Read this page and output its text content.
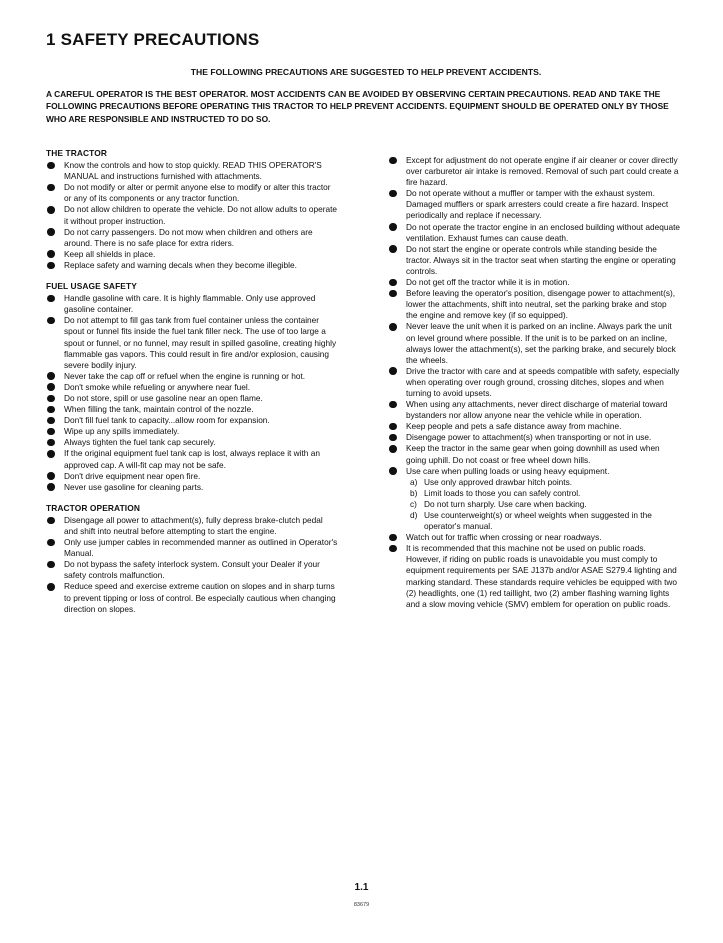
1 SAFETY PRECAUTIONS

THE FOLLOWING PRECAUTIONS ARE SUGGESTED TO HELP PREVENT ACCIDENTS.

A CAREFUL OPERATOR IS THE BEST OPERATOR. MOST ACCIDENTS CAN BE AVOIDED BY OBSERVING CERTAIN PRECAUTIONS. READ AND TAKE THE FOLLOWING PRECAUTIONS BEFORE OPERATING THIS TRACTOR TO HELP PREVENT ACCIDENTS. EQUIPMENT SHOULD BE OPERATED ONLY BY THOSE WHO ARE RESPONSIBLE AND INSTRUCTED TO DO SO.

THE TRACTOR
Know the controls and how to stop quickly. READ THIS OPERATOR'S MANUAL and instructions furnished with attachments.
Do not modify or alter or permit anyone else to modify or alter this tractor or any of its components or any tractor function.
Do not allow children to operate the vehicle. Do not allow adults to operate it without proper instruction.
Do not carry passengers. Do not mow when children and others are around. There is no safe place for extra riders.
Keep all shields in place.
Replace safety and warning decals when they become illegible.
FUEL USAGE SAFETY
Handle gasoline with care. It is highly flammable. Only use approved gasoline container.
Do not attempt to fill gas tank from fuel container unless the container spout or funnel fits inside the fuel tank filler neck. The use of too large a spout or funnel, or no funnel, may result in spilled gasoline, creating highly flammable gas vapors. This could result in fire and/or explosion, causing severe bodily injury.
Never take the cap off or refuel when the engine is running or hot.
Don't smoke while refueling or anywhere near fuel.
Do not store, spill or use gasoline near an open flame.
When filling the tank, maintain control of the nozzle.
Don't fill fuel tank to capacity...allow room for expansion.
Wipe up any spills immediately.
Always tighten the fuel tank cap securely.
If the original equipment fuel tank cap is lost, always replace it with an approved cap. A will-fit cap may not be safe.
Don't drive equipment near open fire.
Never use gasoline for cleaning parts.
TRACTOR OPERATION
Disengage all power to attachment(s), fully depress brake-clutch pedal and shift into neutral before attempting to start the engine.
Only use jumper cables in recommended manner as outlined in Operator's Manual.
Do not bypass the safety interlock system. Consult your Dealer if your safety controls malfunction.
Reduce speed and exercise extreme caution on slopes and in sharp turns to prevent tipping or loss of control. Be especially cautious when changing direction on slopes.
Except for adjustment do not operate engine if air cleaner or cover directly over carburetor air intake is removed. Removal of such part could create a fire hazard.
Do not operate without a muffler or tamper with the exhaust system. Damaged mufflers or spark arresters could create a fire hazard. Inspect periodically and replace if necessary.
Do not operate the tractor engine in an enclosed building without adequate ventilation. Exhaust fumes can cause death.
Do not start the engine or operate controls while standing beside the tractor. Always sit in the tractor seat when starting the engine or operating controls.
Do not get off the tractor while it is in motion.
Before leaving the operator's position, disengage power to attachment(s), lower the attachments, shift into neutral, set the parking brake and stop the engine and remove key (if so equipped).
Never leave the unit when it is parked on an incline. Always park the unit on level ground where possible. If the unit is to be parked on an incline, always lower the attachment(s), set the parking brake, and securely block the wheels.
Drive the tractor with care and at speeds compatible with safety, especially when operating over rough ground, crossing ditches, slopes and when turning to avoid upsets.
When using any attachments, never direct discharge of material toward bystanders nor allow anyone near the vehicle while in operation.
Keep people and pets a safe distance away from machine.
Disengage power to attachment(s) when transporting or not in use.
Keep the tractor in the same gear when going downhill as used when going uphill. Do not coast or free wheel down hills.
Use care when pulling loads or using heavy equipment.
a) Use only approved drawbar hitch points.
b) Limit loads to those you can safely control.
c) Do not turn sharply. Use care when backing.
d) Use counterweight(s) or wheel weights when suggested in the operator's manual.
Watch out for traffic when crossing or near roadways.
It is recommended that this machine not be used on public roads. However, if riding on public roads is unavoidable you must comply to equipment requirements per SAE J137b and/or ASAE S279.4 lighting and marking standard. These standards require vehicles be equipped with two (2) headlights, one (1) red taillight, two (2) amber flashing warning lights and a slow moving vehicle (SMV) emblem for operation on public roads.

1.1

83679
